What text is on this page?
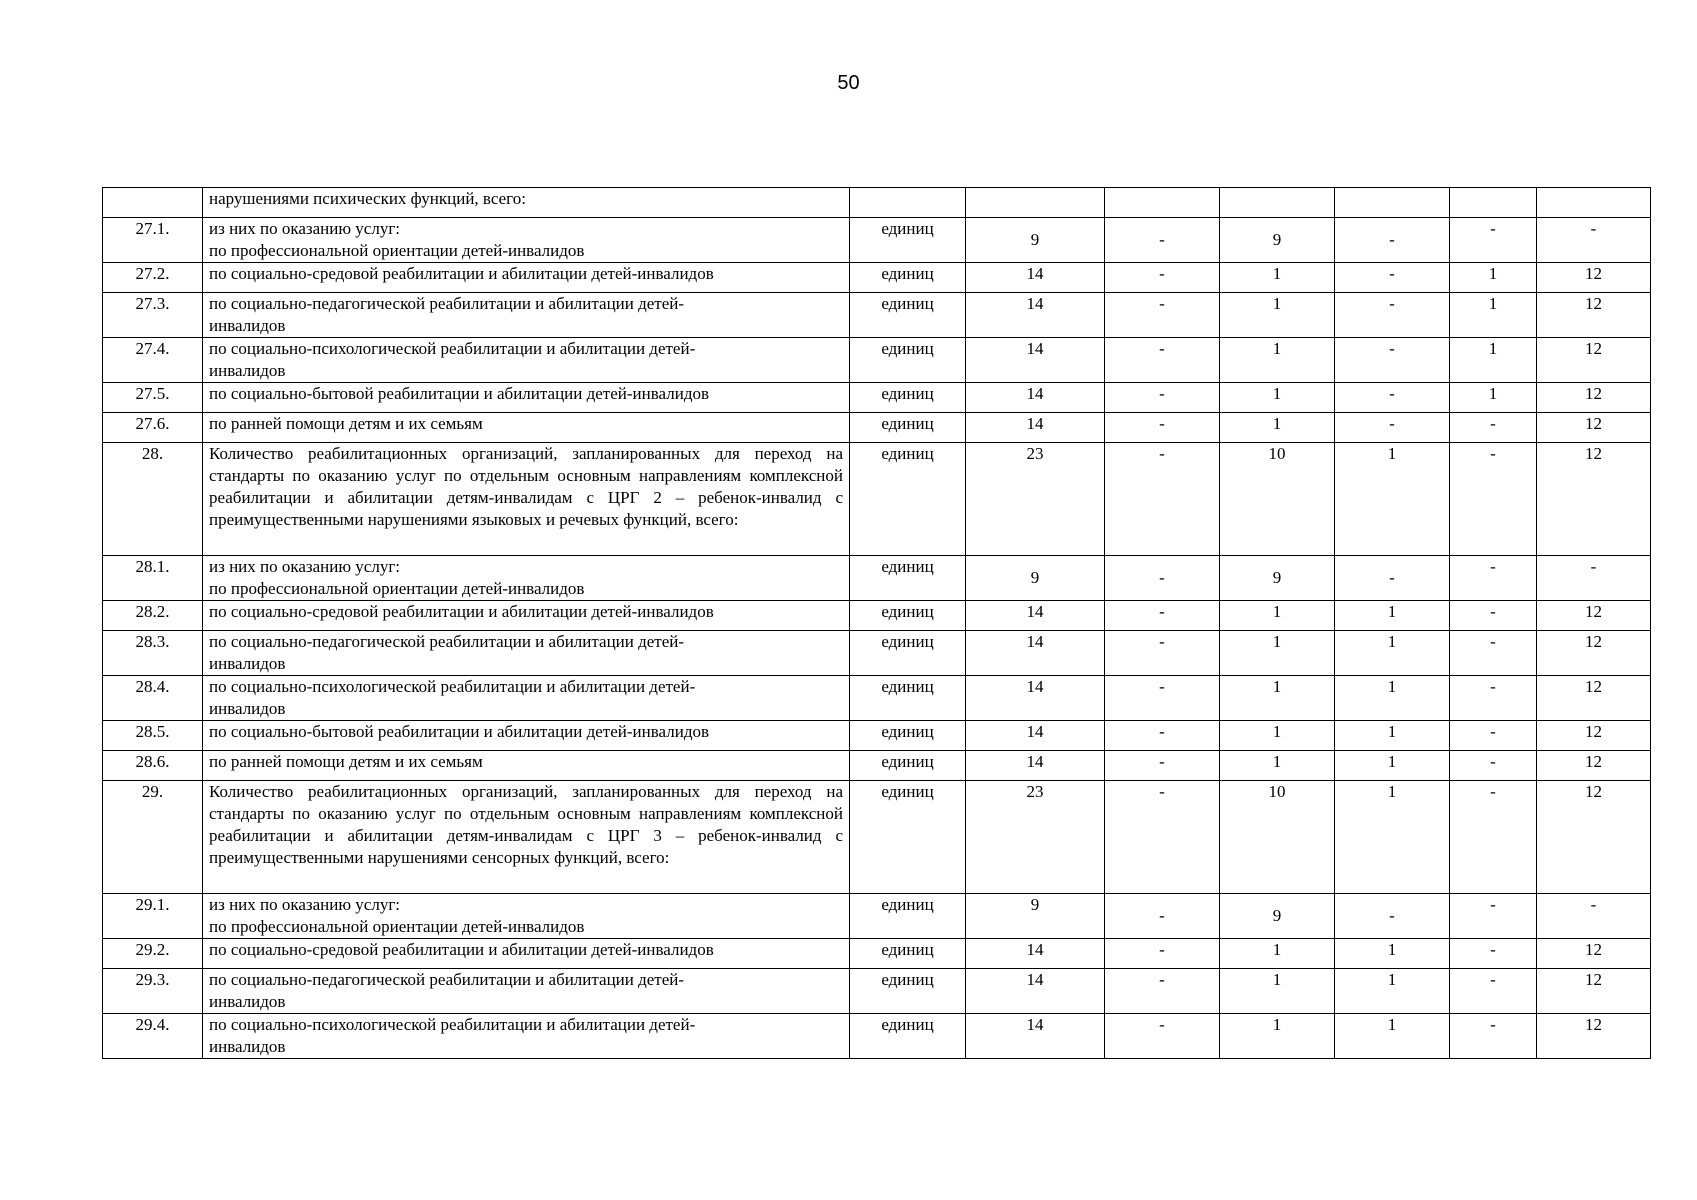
50

	нарушениями психических функций, всего:							

27.1.	из них по оказанию услуг:
по профессиональной ориентации детей-инвалидов	единиц	9	-	9	-	-	-
27.2.	по социально-средовой реабилитации и абилитации детей-инвалидов	единиц	14	-	1	-	1	12
27.3.	по социально-педагогической реабилитации и абилитации детей-
инвалидов	единиц	14	-	1	-	1	12
27.4.	по социально-психологической реабилитации и абилитации детей-
инвалидов	единиц	14	-	1	-	1	12
27.5.	по социально-бытовой реабилитации и абилитации детей-инвалидов	единиц	14	-	1	-	1	12
27.6.	по ранней помощи детям и их семьям	единиц	14	-	1	-	-	12
28.	Количество реабилитационных организаций, запланированных для переход на стандарты по оказанию услуг по отдельным основным направлениям комплексной реабилитации и абилитации детям-инвалидам с ЦРГ 2 – ребенок-инвалид с преимущественными нарушениями языковых и речевых функций, всего:	единиц	23	-	10	1	-	12
28.1.	из них по оказанию услуг:
по профессиональной ориентации детей-инвалидов	единиц	9	-	9	-	-	-
28.2.	по социально-средовой реабилитации и абилитации детей-инвалидов	единиц	14	-	1	1	-	12
28.3.	по социально-педагогической реабилитации и абилитации детей-
инвалидов	единиц	14	-	1	1	-	12
28.4.	по социально-психологической реабилитации и абилитации детей-
инвалидов	единиц	14	-	1	1	-	12
28.5.	по социально-бытовой реабилитации и абилитации детей-инвалидов	единиц	14	-	1	1	-	12
28.6.	по ранней помощи детям и их семьям	единиц	14	-	1	1	-	12
29.	Количество реабилитационных организаций, запланированных для переход на стандарты по оказанию услуг по отдельным основным направлениям комплексной реабилитации и абилитации детям-инвалидам с ЦРГ 3 – ребенок-инвалид с преимущественными нарушениями сенсорных функций, всего:	единиц	23	-	10	1	-	12
29.1.	из них по оказанию услуг:
по профессиональной ориентации детей-инвалидов	единиц	9	-	9	-	-	-
29.2.	по социально-средовой реабилитации и абилитации детей-инвалидов	единиц	14	-	1	1	-	12
29.3.	по социально-педагогической реабилитации и абилитации детей-
инвалидов	единиц	14	-	1	1	-	12
29.4.	по социально-психологической реабилитации и абилитации детей-
инвалидов	единиц	14	-	1	1	-	12
